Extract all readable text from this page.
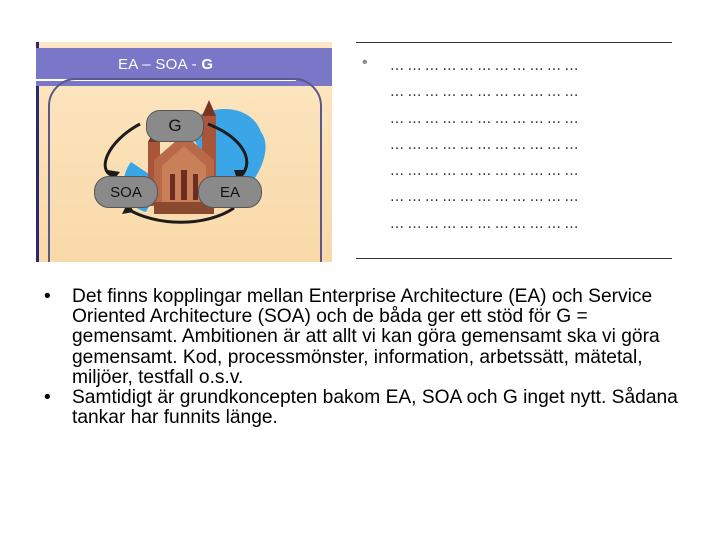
EA – SOA - G
G
SOA	EA
• … … … … … … … … … … …
… … … … … … … … … … …
… … … … … … … … … … …
… … … … … … … … … … …
… … … … … … … … … … …
… … … … … … … … … … …
… … … … … … … … … … …
• Det finns kopplingar mellan Enterprise Architecture (EA) och Service Oriented Architecture (SOA) och de båda ger ett stöd för G = gemensamt. Ambitionen är att allt vi kan göra gemensamt ska vi göra gemensamt. Kod, processmönster, information, arbetssätt, mätetal, miljöer, testfall o.s.v.
• Samtidigt är grundkoncepten bakom EA, SOA och G inget nytt. Sådana tankar har funnits länge.
